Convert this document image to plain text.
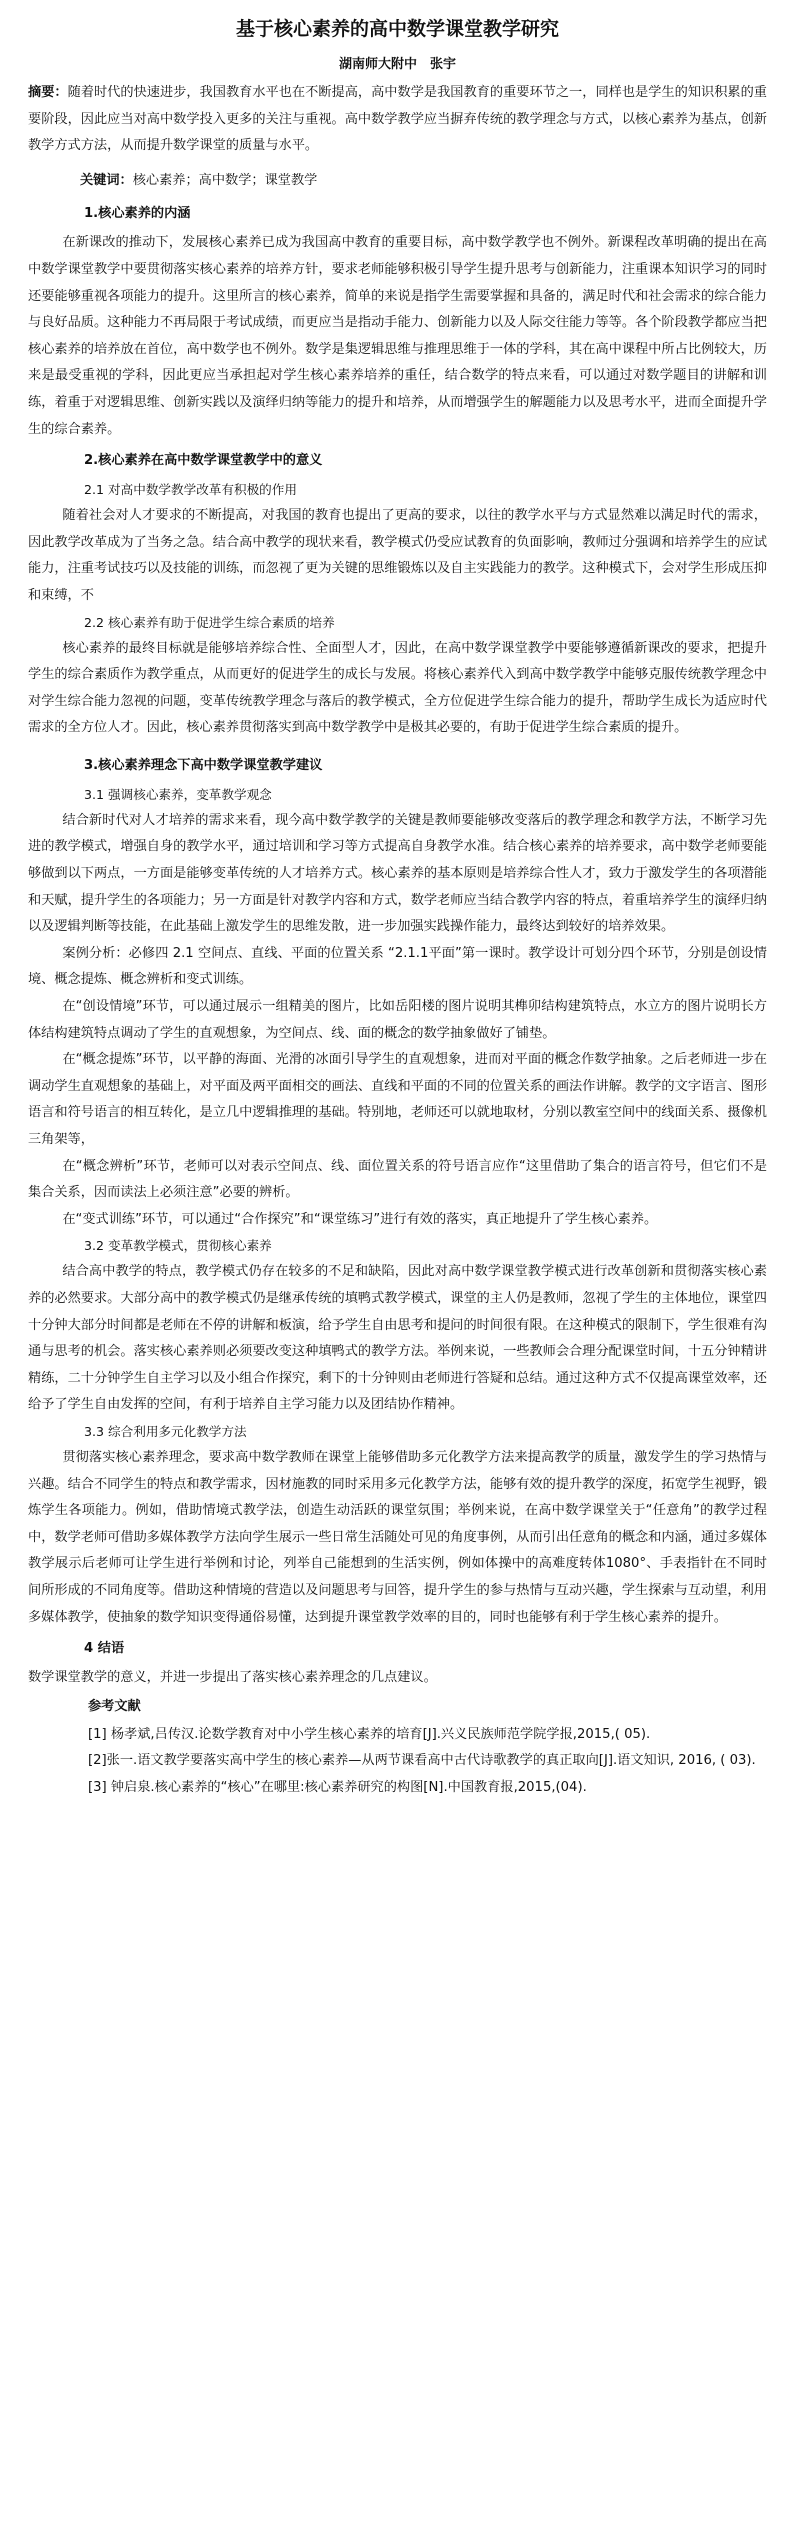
基于核心素养的高中数学课堂教学研究
湖南师大附中　张宇

摘要：随着时代的快速进步，我国教育水平也在不断提高，高中数学是我国教育的重要环节之一，同样也是学生的知识积累的重要阶段，因此应当对高中数学投入更多的关注与重视。高中数学教学应当摒弃传统的教学理念与方式，以核心素养为基点，创新教学方式方法，从而提升数学课堂的质量与水平。

关键词：核心素养；高中数学；课堂教学

1.核心素养的内涵

在新课改的推动下，发展核心素养已成为我国高中教育的重要目标，高中数学教学也不例外。新课程改革明确的提出在高中数学课堂教学中要贯彻落实核心素养的培养方针，要求老师能够积极引导学生提升思考与创新能力，注重课本知识学习的同时还要能够重视各项能力的提升。这里所言的核心素养，简单的来说是指学生需要掌握和具备的，满足时代和社会需求的综合能力与良好品质。这种能力不再局限于考试成绩，而更应当是指动手能力、创新能力以及人际交往能力等等。各个阶段教学都应当把核心素养的培养放在首位，高中数学也不例外。数学是集逻辑思维与推理思维于一体的学科，其在高中课程中所占比例较大，历来是最受重视的学科，因此更应当承担起对学生核心素养培养的重任，结合数学的特点来看，可以通过对数学题目的讲解和训练，着重于对逻辑思维、创新实践以及演绎归纳等能力的提升和培养，从而增强学生的解题能力以及思考水平，进而全面提升学生的综合素养。

2.核心素养在高中数学课堂教学中的意义
2.1 对高中数学教学改革有积极的作用

随着社会对人才要求的不断提高，对我国的教育也提出了更高的要求，以往的教学水平与方式显然难以满足时代的需求，因此教学改革成为了当务之急。结合高中教学的现状来看，教学模式仍受应试教育的负面影响，教师过分强调和培养学生的应试能力，注重考试技巧以及技能的训练，而忽视了更为关键的思维锻炼以及自主实践能力的教学。这种模式下，会对学生形成压抑和束缚，不

2.2 核心素养有助于促进学生综合素质的培养

核心素养的最终目标就是能够培养综合性、全面型人才，因此，在高中数学课堂教学中要能够遵循新课改的要求，把提升学生的综合素质作为教学重点，从而更好的促进学生的成长与发展。将核心素养代入到高中数学教学中能够克服传统教学理念中对学生综合能力忽视的问题，变革传统教学理念与落后的教学模式，全方位促进学生综合能力的提升，帮助学生成长为适应时代需求的全方位人才。因此，核心素养贯彻落实到高中数学教学中是极其必要的，有助于促进学生综合素质的提升。

3.核心素养理念下高中数学课堂教学建议
3.1 强调核心素养，变革教学观念

结合新时代对人才培养的需求来看，现今高中数学教学的关键是教师要能够改变落后的教学理念和教学方法，不断学习先进的教学模式，增强自身的教学水平，通过培训和学习等方式提高自身教学水准。结合核心素养的培养要求，高中数学老师要能够做到以下两点，一方面是能够变革传统的人才培养方式。核心素养的基本原则是培养综合性人才，致力于激发学生的各项潜能和天赋，提升学生的各项能力；另一方面是针对教学内容和方式，数学老师应当结合教学内容的特点，着重培养学生的演绎归纳以及逻辑判断等技能，在此基础上激发学生的思维发散，进一步加强实践操作能力，最终达到较好的培养效果。

案例分析：必修四 2.1 空间点、直线、平面的位置关系 “2.1.1平面”第一课时。教学设计可划分四个环节，分别是创设情境、概念提炼、概念辨析和变式训练。

在“创设情境”环节，可以通过展示一组精美的图片，比如岳阳楼的图片说明其榫卯结构建筑特点，水立方的图片说明长方体结构建筑特点调动了学生的直观想象，为空间点、线、面的概念的数学抽象做好了铺垫。

在“概念提炼”环节，以平静的海面、光滑的冰面引导学生的直观想象，进而对平面的概念作数学抽象。之后老师进一步在调动学生直观想象的基础上，对平面及两平面相交的画法、直线和平面的不同的位置关系的画法作讲解。教学的文字语言、图形语言和符号语言的相互转化，是立几中逻辑推理的基础。特别地，老师还可以就地取材，分别以教室空间中的线面关系、摄像机三角架等，

在“概念辨析”环节，老师可以对表示空间点、线、面位置关系的符号语言应作“这里借助了集合的语言符号，但它们不是集合关系，因而读法上必须注意”必要的辨析。

在“变式训练”环节，可以通过“合作探究”和“课堂练习”进行有效的落实，真正地提升了学生核心素养。

3.2 变革教学模式，贯彻核心素养

结合高中教学的特点，教学模式仍存在较多的不足和缺陷，因此对高中数学课堂教学模式进行改革创新和贯彻落实核心素养的必然要求。大部分高中的教学模式仍是继承传统的填鸭式教学模式，课堂的主人仍是教师，忽视了学生的主体地位，课堂四十分钟大部分时间都是老师在不停的讲解和板演，给予学生自由思考和提问的时间很有限。在这种模式的限制下，学生很难有沟通与思考的机会。落实核心素养则必须要改变这种填鸭式的教学方法。举例来说，一些教师会合理分配课堂时间，十五分钟精讲精练，二十分钟学生自主学习以及小组合作探究，剩下的十分钟则由老师进行答疑和总结。通过这种方式不仅提高课堂效率，还给予了学生自由发挥的空间，有利于培养自主学习能力以及团结协作精神。

3.3 综合利用多元化教学方法

贯彻落实核心素养理念，要求高中数学教师在课堂上能够借助多元化教学方法来提高教学的质量，激发学生的学习热情与兴趣。结合不同学生的特点和教学需求，因材施教的同时采用多元化教学方法，能够有效的提升教学的深度，拓宽学生视野，锻炼学生各项能力。例如，借助情境式教学法，创造生动活跃的课堂氛围；举例来说，在高中数学课堂关于“任意角”的教学过程中，数学老师可借助多媒体教学方法向学生展示一些日常生活随处可见的角度事例，从而引出任意角的概念和内涵，通过多媒体教学展示后老师可让学生进行举例和讨论，列举自己能想到的生活实例，例如体操中的高难度转体1080°、手表指针在不同时间所形成的不同角度等。借助这种情境的营造以及问题思考与回答，提升学生的参与热情与互动兴趣，学生探索与互动望，利用多媒体教学，使抽象的数学知识变得通俗易懂，达到提升课堂教学效率的目的，同时也能够有利于学生核心素养的提升。

4 结语

数学课堂教学的意义，并进一步提出了落实核心素养理念的几点建议。

参考文献

[1] 杨孝斌,吕传汉.论数学教育对中小学生核心素养的培育[J].兴义民族师范学院学报,2015,( 05).

[2]张一.语文教学要落实高中学生的核心素养—从两节课看高中古代诗歌教学的真正取向[J].语文知识, 2016, ( 03).

[3] 钟启泉.核心素养的“核心”在哪里:核心素养研究的构图[N].中国教育报,2015,(04).
